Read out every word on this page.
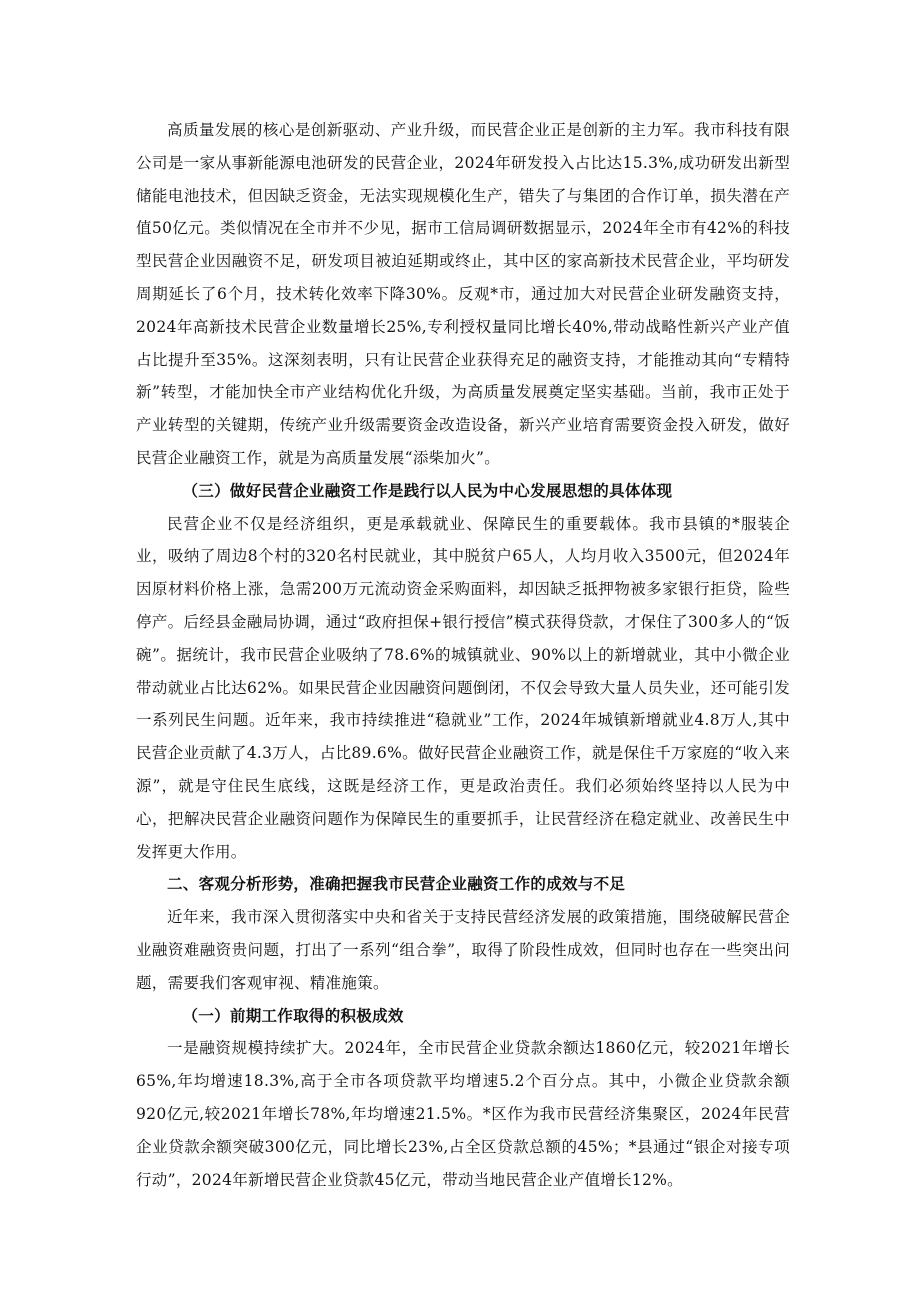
高质量发展的核心是创新驱动、产业升级，而民营企业正是创新的主力军。我市科技有限公司是一家从事新能源电池研发的民营企业，2024年研发投入占比达15.3%,成功研发出新型储能电池技术，但因缺乏资金，无法实现规模化生产，错失了与集团的合作订单，损失潜在产值50亿元。类似情况在全市并不少见，据市工信局调研数据显示，2024年全市有42%的科技型民营企业因融资不足，研发项目被迫延期或终止，其中区的家高新技术民营企业，平均研发周期延长了6个月，技术转化效率下降30%。反观*市，通过加大对民营企业研发融资支持，2024年高新技术民营企业数量增长25%,专利授权量同比增长40%,带动战略性新兴产业产值占比提升至35%。这深刻表明，只有让民营企业获得充足的融资支持，才能推动其向“专精特新”转型，才能加快全市产业结构优化升级，为高质量发展奠定坚实基础。当前，我市正处于产业转型的关键期，传统产业升级需要资金改造设备，新兴产业培育需要资金投入研发，做好民营企业融资工作，就是为高质量发展“添柴加火”。

（三）做好民营企业融资工作是践行以人民为中心发展思想的具体体现

民营企业不仅是经济组织，更是承载就业、保障民生的重要载体。我市县镇的*服装企业，吸纳了周边8个村的320名村民就业，其中脱贫户65人，人均月收入3500元，但2024年因原材料价格上涨，急需200万元流动资金采购面料，却因缺乏抵押物被多家银行拒贷，险些停产。后经县金融局协调，通过“政府担保+银行授信”模式获得贷款，才保住了300多人的“饭碗”。据统计，我市民营企业吸纳了78.6%的城镇就业、90%以上的新增就业，其中小微企业带动就业占比达62%。如果民营企业因融资问题倒闭，不仅会导致大量人员失业，还可能引发一系列民生问题。近年来，我市持续推进“稳就业”工作，2024年城镇新增就业4.8万人,其中民营企业贡献了4.3万人，占比89.6%。做好民营企业融资工作，就是保住千万家庭的“收入来源”，就是守住民生底线，这既是经济工作，更是政治责任。我们必须始终坚持以人民为中心，把解决民营企业融资问题作为保障民生的重要抓手，让民营经济在稳定就业、改善民生中发挥更大作用。

二、客观分析形势，准确把握我市民营企业融资工作的成效与不足

近年来，我市深入贯彻落实中央和省关于支持民营经济发展的政策措施，围绕破解民营企业融资难融资贵问题，打出了一系列“组合拳”，取得了阶段性成效，但同时也存在一些突出问题，需要我们客观审视、精准施策。

（一）前期工作取得的积极成效

一是融资规模持续扩大。2024年，全市民营企业贷款余额达1860亿元，较2021年增长65%,年均增速18.3%,高于全市各项贷款平均增速5.2个百分点。其中，小微企业贷款余额920亿元,较2021年增长78%,年均增速21.5%。*区作为我市民营经济集聚区，2024年民营企业贷款余额突破300亿元，同比增长23%,占全区贷款总额的45%；*县通过“银企对接专项行动”，2024年新增民营企业贷款45亿元，带动当地民营企业产值增长12%。
